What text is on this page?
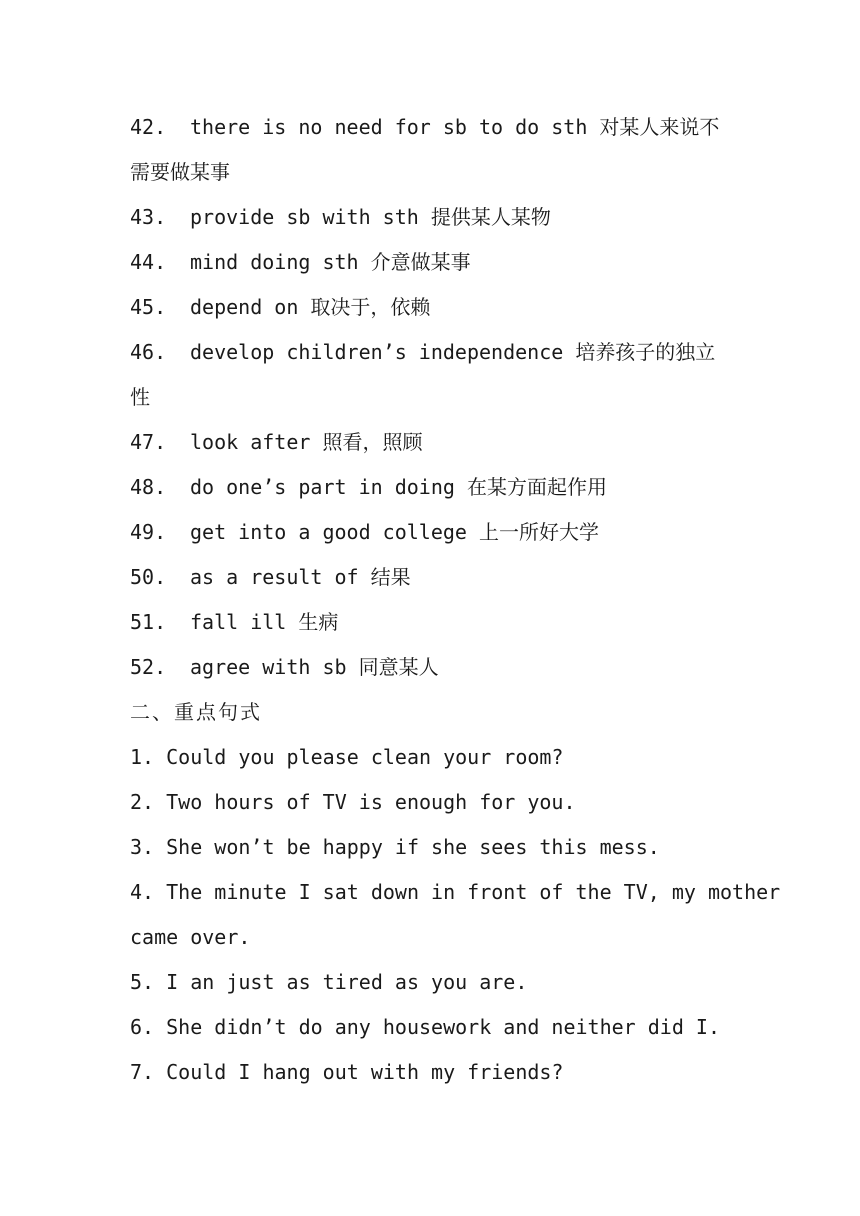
42. there is no need for sb to do sth 对某人来说不
需要做某事
43. provide sb with sth 提供某人某物
44. mind doing sth 介意做某事
45. depend on 取决于，依赖
46. develop children’s independence 培养孩子的独立
性
47. look after 照看，照顾
48. do one’s part in doing 在某方面起作用
49. get into a good college 上一所好大学
50. as a result of 结果
51. fall ill 生病
52. agree with sb 同意某人
二、重点句式
1. Could you please clean your room?
2. Two hours of TV is enough for you.
3. She won’t be happy if she sees this mess.
4. The minute I sat down in front of the TV, my mother
came over.
5. I an just as tired as you are.
6. She didn’t do any housework and neither did I.
7. Could I hang out with my friends?
